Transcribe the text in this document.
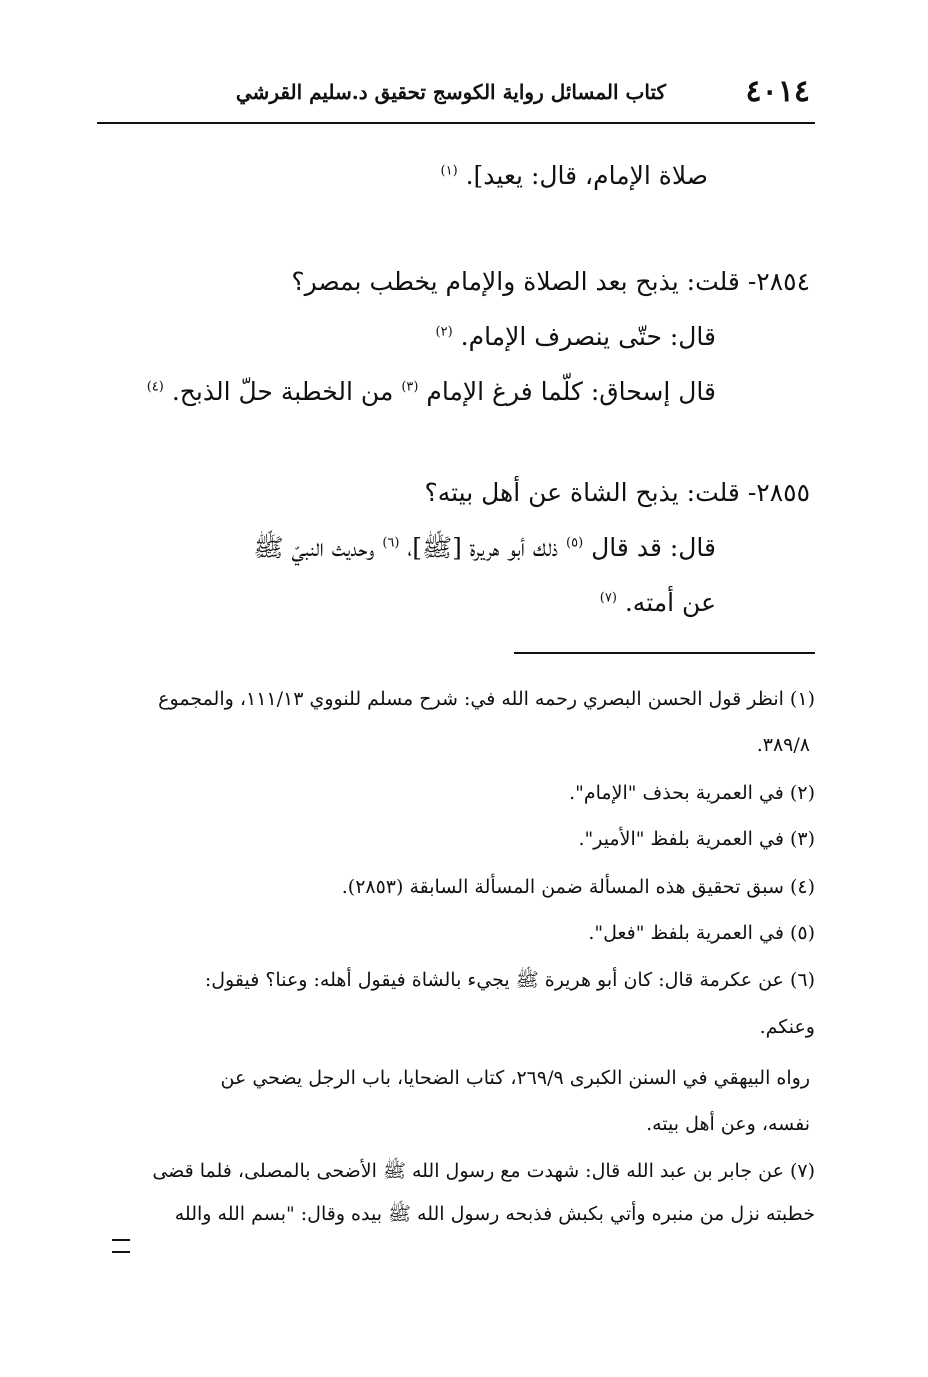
٤٠١٤
كتاب المسائل رواية الكوسج تحقيق د.سليم القرشي
صلاة الإمام، قال: يعيد]. $^{(١)}$
٢٨٥٤- قلت: يذبح بعد الصلاة والإمام يخطب بمصر؟
قال: حتّى ينصرف الإمام. $^{(٢)}$
قال إسحاق: كلّما فرغ الإمام $^{(٣)}$ من الخطبة حلّ الذبح. $^{(٤)}$
٢٨٥٥- قلت: يذبح الشاة عن أهل بيته؟
قال: قد قال $^{(٥)}$ ذلك أبو هريرة [ﷺ]، $^{(٦)}$ وحديث النبيّ ﷺ
عن أمته. $^{(٧)}$
(١) انظر قول الحسن البصري رحمه الله في: شرح مسلم للنووي ١١١/١٣، والمجموع
٣٨٩/٨.
(٢) في العمرية بحذف "الإمام".
(٣) في العمرية بلفظ "الأمير".
(٤) سبق تحقيق هذه المسألة ضمن المسألة السابقة (٢٨٥٣).
(٥) في العمرية بلفظ "فعل".
(٦) عن عكرمة قال: كان أبو هريرة ﷺ يجيء بالشاة فيقول أهله: وعنا؟ فيقول:
وعنكم.
رواه البيهقي في السنن الكبرى ٢٦٩/٩، كتاب الضحايا، باب الرجل يضحي عن
نفسه، وعن أهل بيته.
(٧) عن جابر بن عبد الله قال: شهدت مع رسول الله ﷺ الأضحى بالمصلى، فلما قضى
خطبته نزل من منبره وأتي بكبش فذبحه رسول الله ﷺ بيده وقال: "بسم الله والله
